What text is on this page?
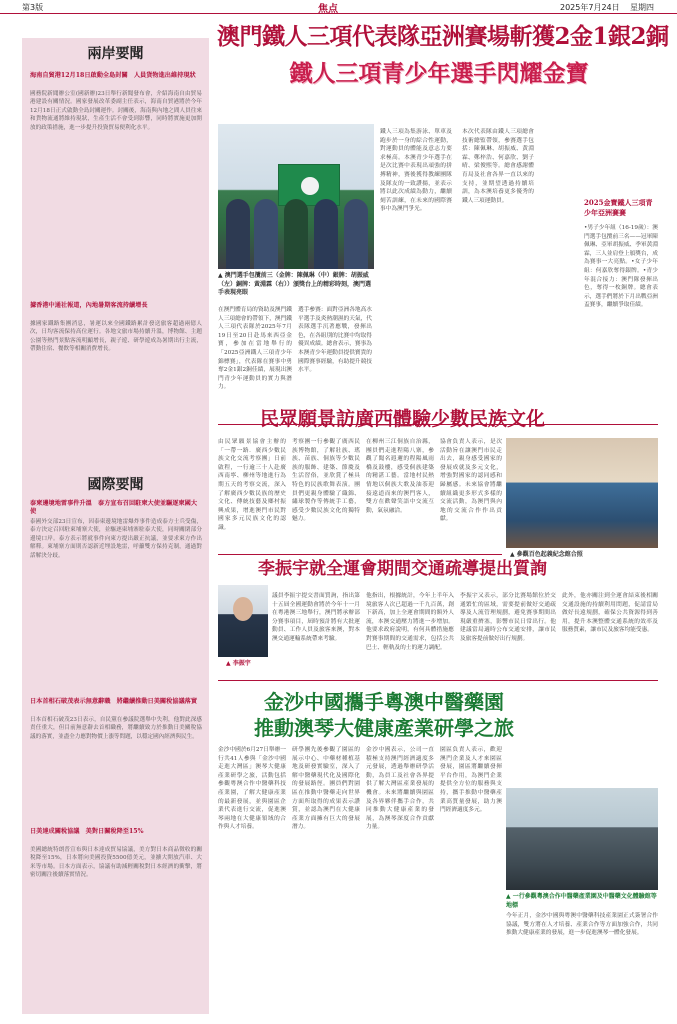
第3版	焦点	2025年7月24日 星期四
兩岸要聞
海南自貿港12月18日啟動全島封關　人員貨物進出維持現狀
國務院新聞辦公室(國新辦)23日舉行新聞發布會，介紹海南自由貿易港建設有關情況。國家發展改革委副主任表示，海南自貿港將於今年12月18日正式啟動全島封關運作。封關後，海南與內地之間人員往來和貨物流通將維持現狀，生產生活不會受到影響，同時將實施更加開放的政策措施，進一步提升投資貿易便利化水平。
據香港中通社報道，內地暑期客流持續增長
據國家鐵路集團消息，暑運以來全國鐵路累計發送旅客超過兩億人次，日均客流保持高位運行。各地文旅市場持續升溫，博物館、主題公園等熱門景點客流明顯增長，親子遊、研學遊成為暑期出行主流，帶動住宿、餐飲等相關消費增長。
國際要聞
泰柬邊境地雷事件升溫　泰方宣布召回駐柬大使並驅逐柬國大使
泰國外交部23日宣布，因泰柬邊境地雷爆炸事件造成泰方士兵受傷，泰方決定召回駐柬埔寨大使，並驅逐柬埔寨駐泰大使，同時關閉部分邊境口岸。泰方表示將就事件向柬方提出嚴正抗議，並要求柬方作出解釋。柬埔寨方面則否認新近埋設地雷，呼籲雙方保持克制，通過對話解決分歧。
日本首相石破茂表示無意辭職　將繼續推動日美關稅協議落實
日本首相石破茂23日表示，自民黨在參議院選舉中失利，他對此深感責任重大，但目前無意辭去首相職務，將繼續致力於推動日美關稅協議的落實，並盡全力應對物價上漲等問題，以穩定國內經濟與民生。
日美達成關稅協議　美對日關稅降至15%
美國總統特朗普宣布與日本達成貿易協議，美方對日本商品徵收的關稅降至15%，日本將向美國投資5500億美元，並擴大開放汽車、大米等市場。日本方面表示，協議有助減輕關稅對日本經濟的衝擊，將密切關注後續落實情況。
澳門鐵人三項代表隊亞洲賽場斬獲2金1銀2銅
鐵人三項青少年選手閃耀金寶
▲ 澳門選手包攬前三（金牌：陳佩琳（中）銀牌：胡振威（左）銅牌：黃淵霖（右））頒獎台上的精彩時刻，澳門選手表現亮眼
在澳門體育局的資助及澳門鐵人三項總會的帶領下，澳門鐵人三項代表隊於2025年7月19日至20日赴馬來西亞金寶，參加在當地舉行的「2025亞洲鐵人三項青少年錦標賽」，代表隊在賽事中勇奪2金1銀2銅佳績，展現出澳門青少年運動員的實力與潛力。
選手參賽：面對亞洲各地高水平選手及炎熱潮濕的天氣，代表隊選手沉著應戰，發揮出色，在各組別的比賽中均取得優異成績。總會表示，賽事為本澳青少年運動員提供寶貴的國際賽事經驗，有助提升競技水平。
鐵人三項為集游泳、單車及跑步於一身的綜合性運動，對運動員的體能及意志力要求極高。本澳青少年選手在是次比賽中表現出頑強的拼搏精神，賽後獲得教練團隊及隊友的一致讚揚，並表示將以此次成績為動力，繼續刻苦訓練，在未來的國際賽事中為澳門爭光。
本次代表隊由鐵人三項總會技術總監帶領，參賽選手包括：陳佩琳、胡振威、黃淵霖、鄭梓浩、何嘉欣、劉子晴、梁俊熙等。總會感謝體育局及社會各界一直以來的支持，並期望透過持續培訓，為本澳培養更多優秀的鐵人三項運動員。	2025金寶鐵人三項青少年亞洲賽賽
•男子少年組（16-19歲）：澳門選手包攬前三名——冠軍陳佩琳、亞軍胡振威、季軍黃淵霖，三人並肩登上頒獎台，成為賽事一大亮點。•女子少年組：何嘉欣奪得銀牌。•青少年混合接力：澳門隊發揮出色，奪得一枚銅牌。總會表示，選手們將於下月出戰亞洲盃賽事，繼續爭取佳績。
民眾願景訪廣西體驗少數民族文化
由民眾願景協會主辦的「一帶一路．廣西少數民族文化交流考察團」日前啟程，一行逾三十人赴廣西南寧、柳州等地進行為期五天的考察交流，深入了解廣西少數民族的歷史文化、傳統技藝及鄉村振興成果，增進澳門市民對國家多元民族文化的認識。
考察團一行參觀了廣西民族博物館，了解壯族、瑤族、苗族、侗族等少數民族的服飾、建築、節慶及生活習俗，並欣賞了極具特色的民族歌舞表演。團員們更親身體驗了織錦、繡球製作等傳統手工藝，感受少數民族文化的獨特魅力。
在柳州三江侗族自治縣，團員們走進程陽八寨，參觀了聞名遐邇的程陽風雨橋及鼓樓，感受侗族建築的精湛工藝。當地村民熱情地以侗族大歌及油茶迎接遠道而來的澳門客人，雙方在歡聲笑語中交流互動，氣氛融洽。
協會負責人表示，是次活動旨在讓澳門市民走出去，親身感受國家的發展成就及多元文化，增強對國家的認同感和歸屬感。未來協會將繼續組織更多形式多樣的交流活動，為澳門與內地的交流合作作出貢獻。
▲ 參觀百色起義紀念館合照
李振宇就全運會期間交通疏導提出質詢
▲ 李振宇
議員李振宇提交書面質詢，指出第十五屆全國運動會將於今年十一月在粵港澳三地舉行，澳門將承辦部分賽事項目，屆時預計將有大批運動員、工作人員及旅客來澳，對本澳交通運輸系統帶來考驗。
他指出，根據統計，今年上半年入境旅客人次已超過一千九百萬，創下新高，加上全運會期間的額外人流，本澳交通壓力將進一步增加。他要求政府說明，有何具體措施應對賽事期間的交通需求，包括公共巴士、輕軌及的士的運力調配。
李振宇又表示，部分比賽場館位於交通繁忙的區域，需要提前做好交通疏導及人流管理規劃，避免賽事期間出現嚴重擠塞，影響市民日常出行。他建議當局適時公布交通安排，讓市民及旅客提前做好出行規劃。
此外，他亦關注到全運會結束後相關交通設施的持續利用問題，促請當局做好長遠規劃，確保公共資源得到善用，提升本澳整體交通系統的效率及服務質素，讓市民及旅客均能受惠。
金沙中國攜手粵澳中醫藥園
推動澳琴大健康產業研學之旅
金沙中國於6月27日舉辦一行共41人參與「金沙中國走進大灣區」澳琴大健康產業研學之旅，活動包括參觀粵澳合作中醫藥科技產業園，了解大健康產業的最新發展，並與園區企業代表進行交流，促進澳琴兩地在大健康領域的合作與人才培養。
研學團先後參觀了園區的展示中心、中藥材種植基地及研發實驗室，深入了解中醫藥現代化及國際化的發展路徑。團員們對園區在推動中醫藥走向世界方面所取得的成果表示讚賞，並認為澳門在大健康產業方面擁有巨大的發展潛力。
金沙中國表示，公司一直積極支持澳門經濟適度多元發展，透過舉辦研學活動，為員工及社會各界提供了解大灣區產業發展的機會。未來將繼續與園區及各界夥伴攜手合作，共同推動大健康產業的發展，為澳琴深度合作貢獻力量。
園區負責人表示，歡迎澳門企業及人才來園區發展，園區將繼續發揮平台作用，為澳門企業提供全方位的服務與支持，攜手推動中醫藥產業高質量發展，助力澳門經濟適度多元。
▲ 一行參觀粵澳合作中醫藥產業園及中醫藥文化體驗館等地標
今年正月，金沙中國與粵澳中醫藥科技產業園正式簽署合作協議，雙方將在人才培養、產業合作等方面加強合作，共同推動大健康產業的發展，進一步促進澳琴一體化發展。
